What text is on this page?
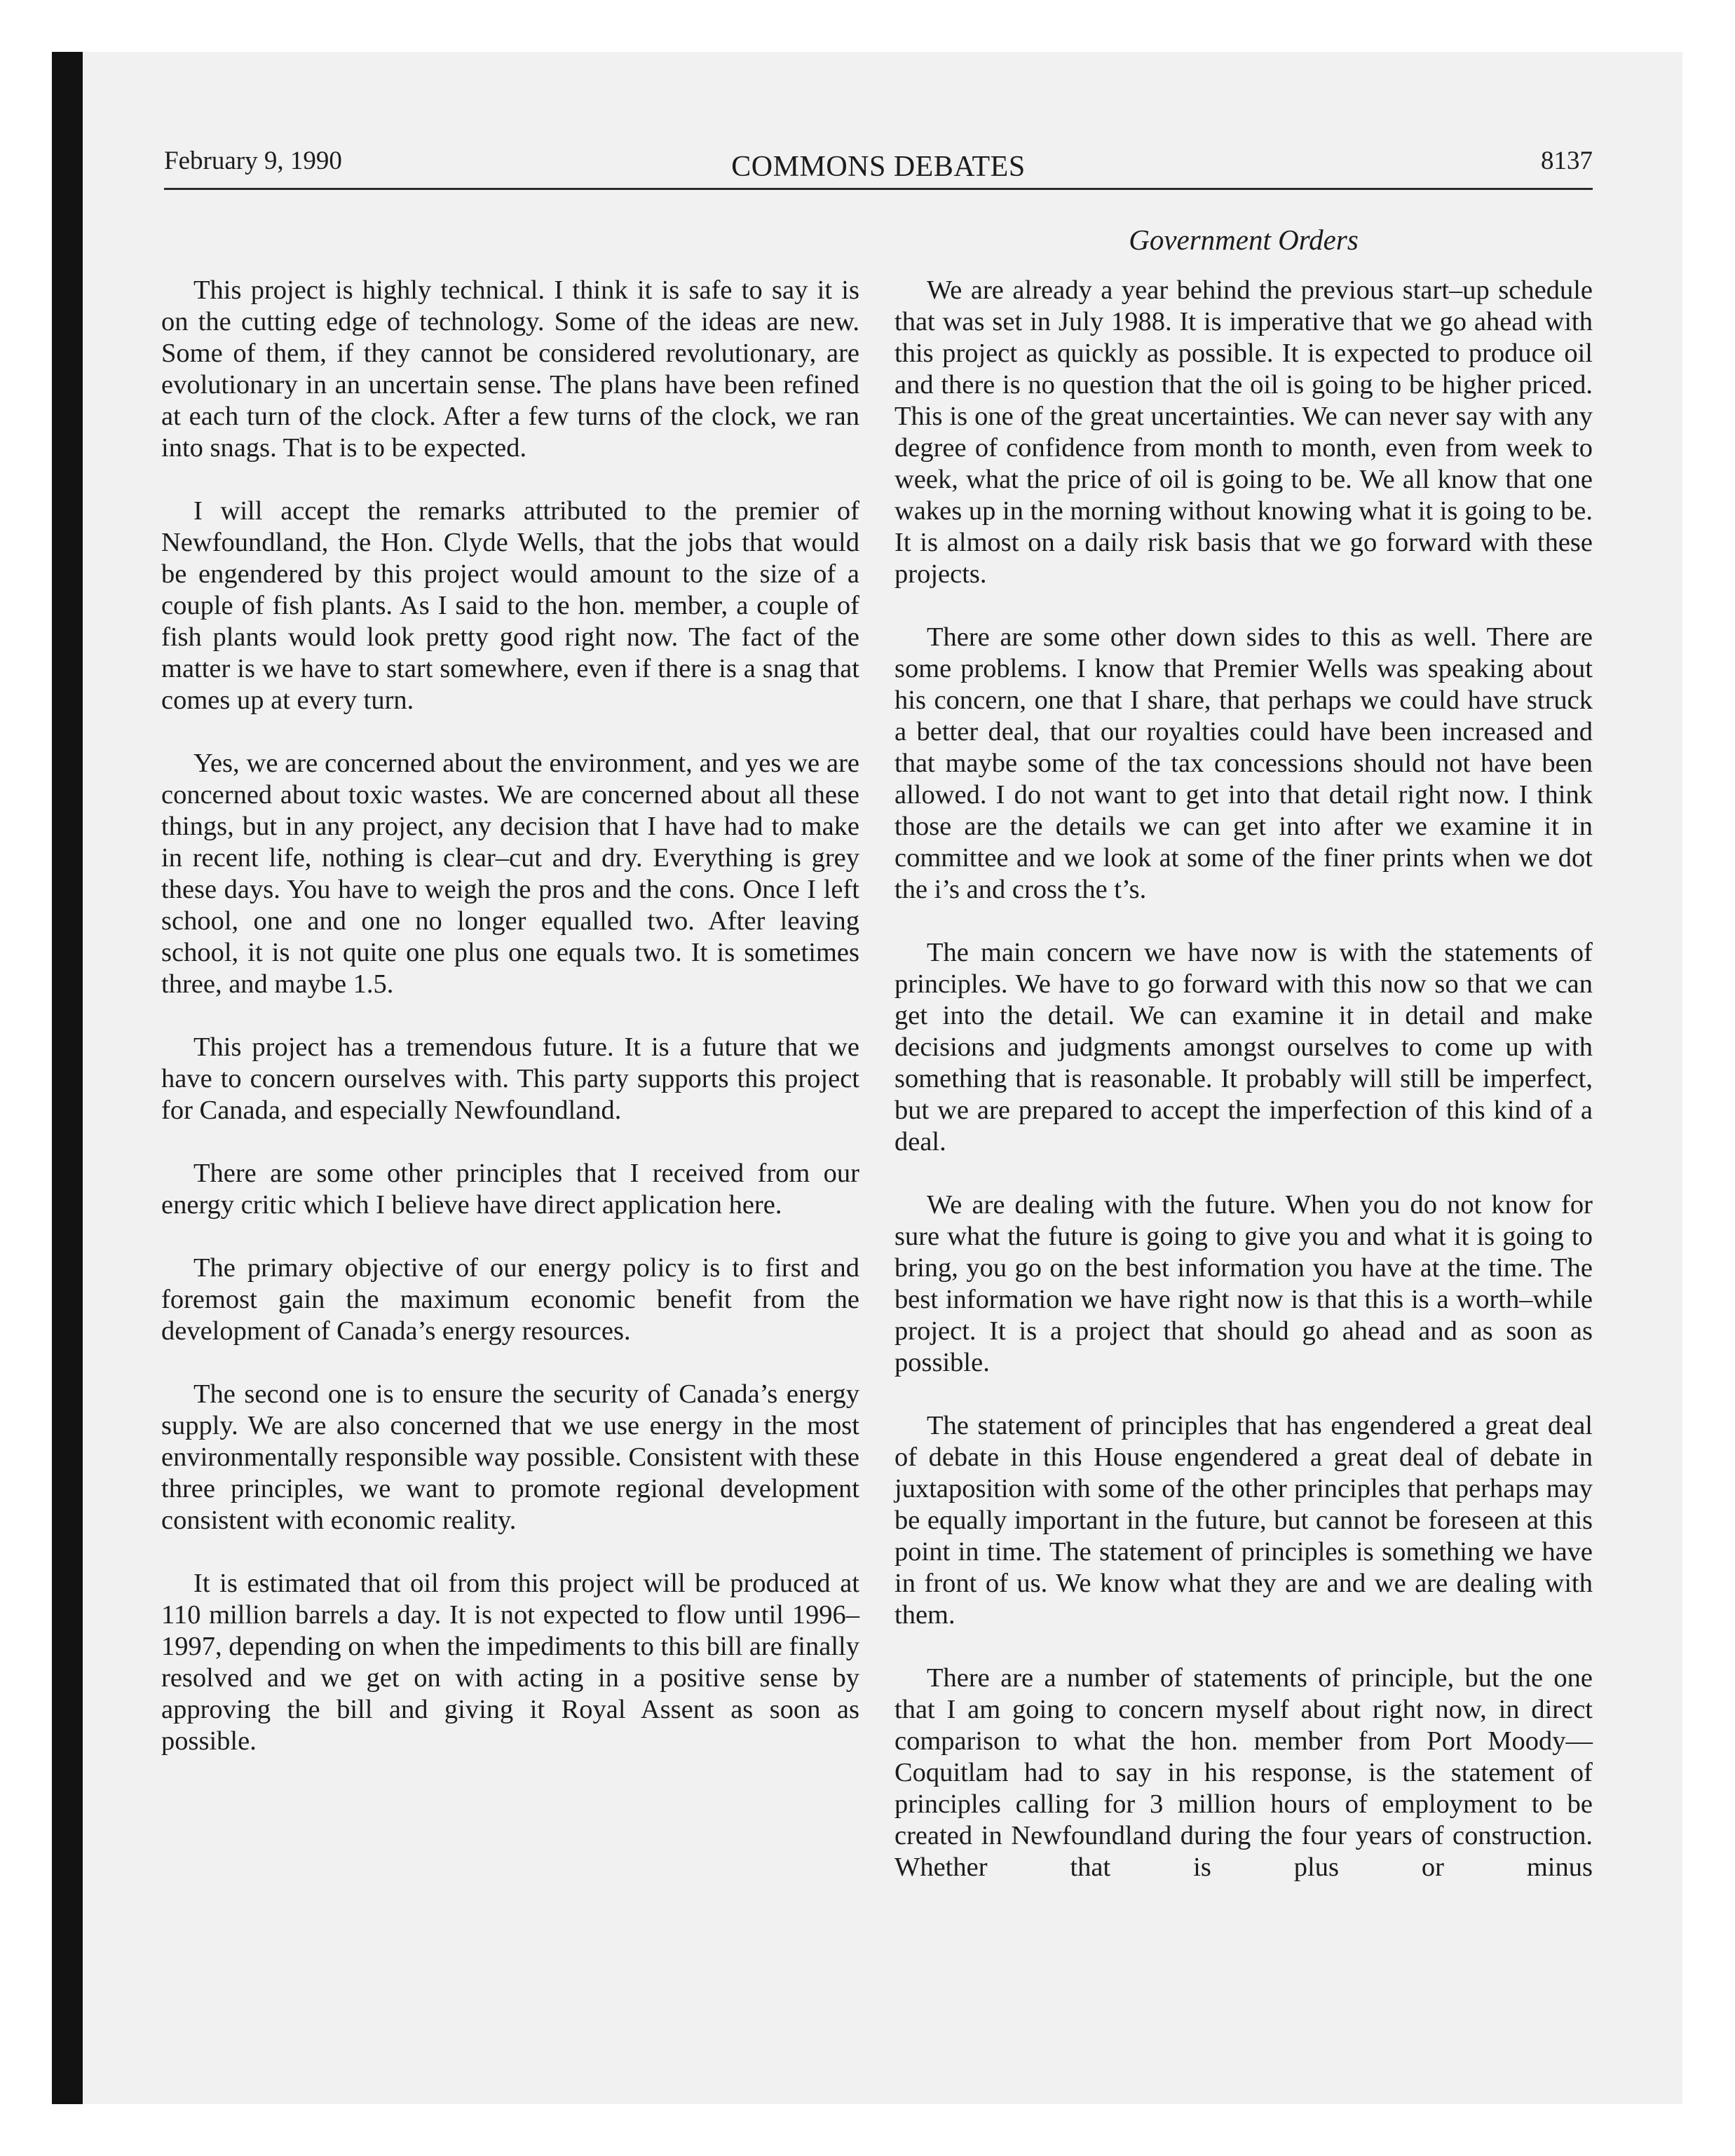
February 9, 1990	COMMONS DEBATES	8137
Government Orders

This project is highly technical. I think it is safe to say it is on the cutting edge of technology. Some of the ideas are new. Some of them, if they cannot be considered revolutionary, are evolutionary in an uncertain sense. The plans have been refined at each turn of the clock. After a few turns of the clock, we ran into snags. That is to be expected.

I will accept the remarks attributed to the premier of Newfoundland, the Hon. Clyde Wells, that the jobs that would be engendered by this project would amount to the size of a couple of fish plants. As I said to the hon. member, a couple of fish plants would look pretty good right now. The fact of the matter is we have to start somewhere, even if there is a snag that comes up at every turn.

Yes, we are concerned about the environment, and yes we are concerned about toxic wastes. We are concerned about all these things, but in any project, any decision that I have had to make in recent life, nothing is clear–cut and dry. Everything is grey these days. You have to weigh the pros and the cons. Once I left school, one and one no longer equalled two. After leaving school, it is not quite one plus one equals two. It is sometimes three, and maybe 1.5.

This project has a tremendous future. It is a future that we have to concern ourselves with. This party supports this project for Canada, and especially Newfoundland.

There are some other principles that I received from our energy critic which I believe have direct application here.

The primary objective of our energy policy is to first and foremost gain the maximum economic benefit from the development of Canada’s energy resources.

The second one is to ensure the security of Canada’s energy supply. We are also concerned that we use energy in the most environmentally responsible way possible. Consistent with these three principles, we want to promote regional development consistent with economic reality.

It is estimated that oil from this project will be produced at 110 million barrels a day. It is not expected to flow until 1996–1997, depending on when the impediments to this bill are finally resolved and we get on with acting in a positive sense by approving the bill and giving it Royal Assent as soon as possible.

We are already a year behind the previous start–up schedule that was set in July 1988. It is imperative that we go ahead with this project as quickly as possible. It is expected to produce oil and there is no question that the oil is going to be higher priced. This is one of the great uncertainties. We can never say with any degree of confidence from month to month, even from week to week, what the price of oil is going to be. We all know that one wakes up in the morning without knowing what it is going to be. It is almost on a daily risk basis that we go forward with these projects.

There are some other down sides to this as well. There are some problems. I know that Premier Wells was speaking about his concern, one that I share, that perhaps we could have struck a better deal, that our royalties could have been increased and that maybe some of the tax concessions should not have been allowed. I do not want to get into that detail right now. I think those are the details we can get into after we examine it in committee and we look at some of the finer prints when we dot the i’s and cross the t’s.

The main concern we have now is with the statements of principles. We have to go forward with this now so that we can get into the detail. We can examine it in detail and make decisions and judgments amongst ourselves to come up with something that is reasonable. It probably will still be imperfect, but we are prepared to accept the imperfection of this kind of a deal.

We are dealing with the future. When you do not know for sure what the future is going to give you and what it is going to bring, you go on the best information you have at the time. The best information we have right now is that this is a worth–while project. It is a project that should go ahead and as soon as possible.

The statement of principles that has engendered a great deal of debate in this House engendered a great deal of debate in juxtaposition with some of the other principles that perhaps may be equally important in the future, but cannot be foreseen at this point in time. The statement of principles is something we have in front of us. We know what they are and we are dealing with them.

There are a number of statements of principle, but the one that I am going to concern myself about right now, in direct comparison to what the hon. member from Port Moody—Coquitlam had to say in his response, is the statement of principles calling for 3 million hours of employment to be created in Newfoundland during the four years of construction. Whether that is plus or minus
